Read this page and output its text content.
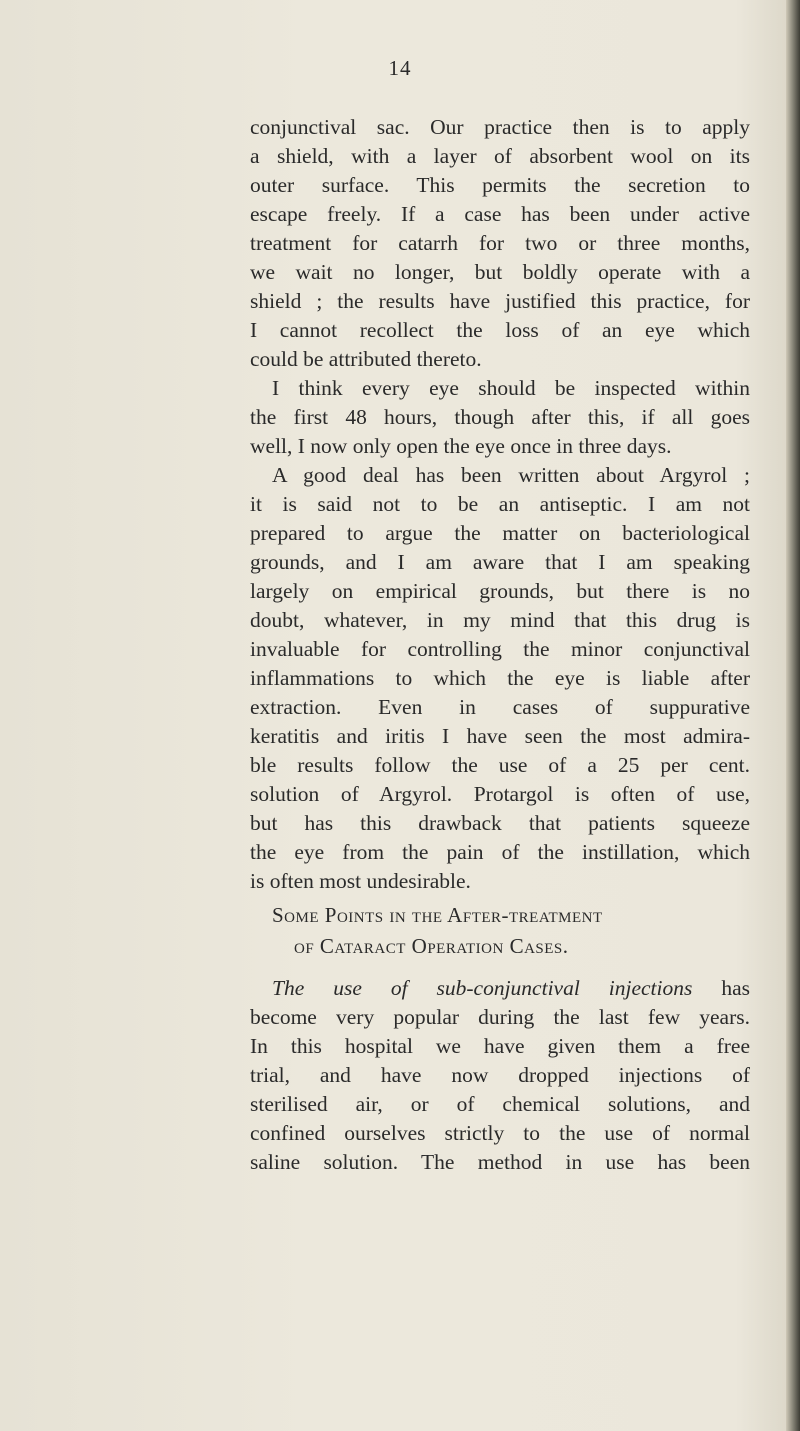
14
conjunctival sac. Our practice then is to apply
a shield, with a layer of absorbent wool on its
outer surface. This permits the secretion to
escape freely. If a case has been under active
treatment for catarrh for two or three months,
we wait no longer, but boldly operate with a
shield ; the results have justified this practice, for
I cannot recollect the loss of an eye which
could be attributed thereto.
I think every eye should be inspected within
the first 48 hours, though after this, if all goes
well, I now only open the eye once in three days.
A good deal has been written about Argyrol ;
it is said not to be an antiseptic. I am not
prepared to argue the matter on bacteriological
grounds, and I am aware that I am speaking
largely on empirical grounds, but there is no
doubt, whatever, in my mind that this drug is
invaluable for controlling the minor conjunctival
inflammations to which the eye is liable after
extraction. Even in cases of suppurative
keratitis and iritis I have seen the most admira-
ble results follow the use of a 25 per cent.
solution of Argyrol. Protargol is often of use,
but has this drawback that patients squeeze
the eye from the pain of the instillation, which
is often most undesirable.
Some Points in the After-treatment
of Cataract Operation Cases.
The use of sub-conjunctival injections has
become very popular during the last few years.
In this hospital we have given them a free
trial, and have now dropped injections of
sterilised air, or of chemical solutions, and
confined ourselves strictly to the use of normal
saline solution. The method in use has been
